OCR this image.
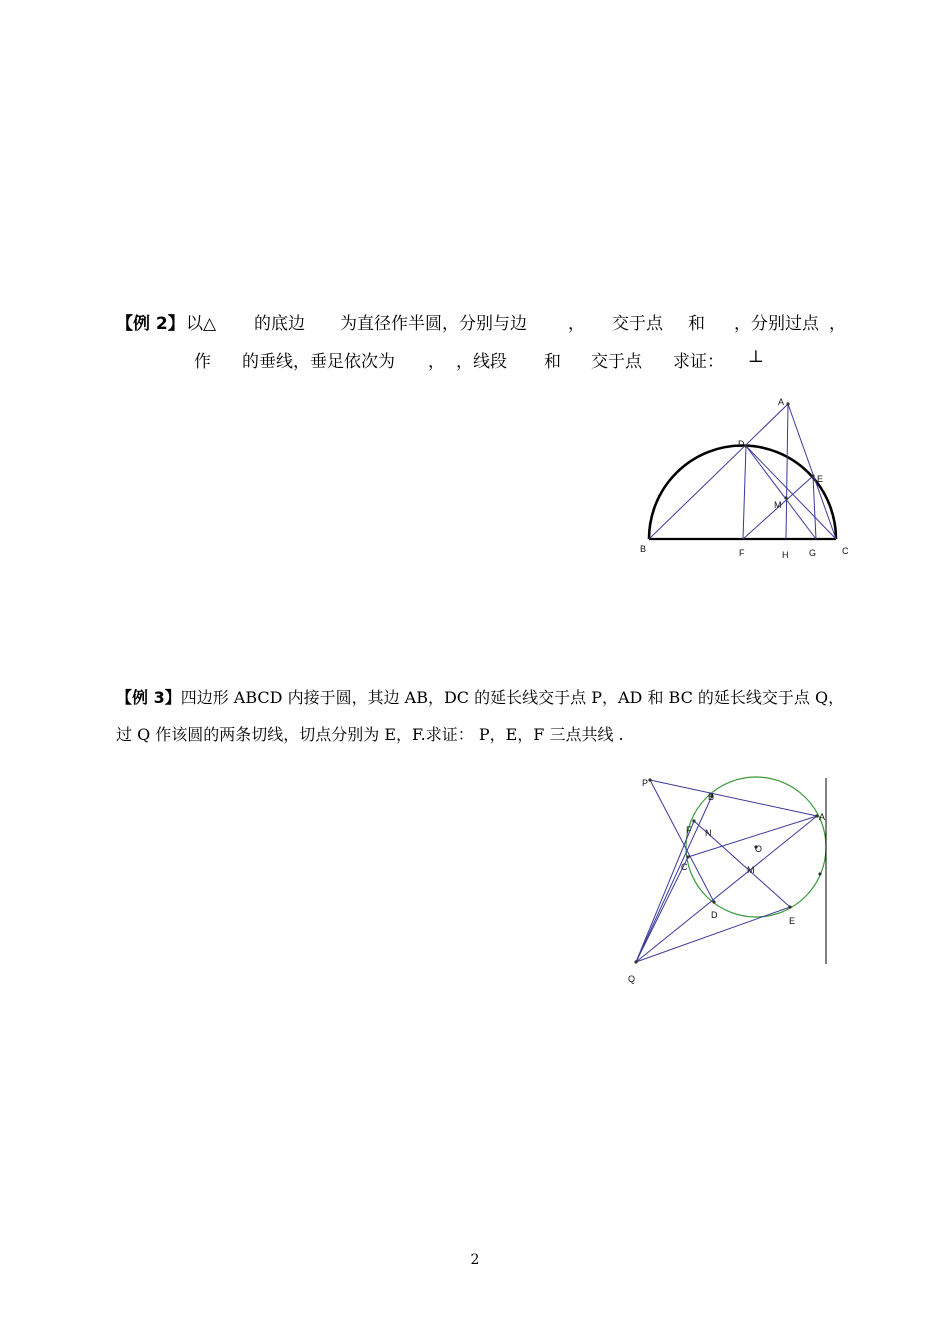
【例 2】 以△ 的底边 为直径作半圆，分别与边 ， 交于点 和 ，分别过点 ，
作 的垂线，垂足依次为 ， ，线段 和 交于点 求证： ⊥
A
D
E
M
B	F	H G	C
【例 3】四边形 ABCD 内接于圆，其边 AB，DC 的延长线交于点 P，AD 和 BC 的延长线交于点 Q，
过 Q 作该圆的两条切线，切点分别为 E，F.求证： P，E，F 三点共线 .
P
B
A
F N
O
C	M
D
E
Q
2
